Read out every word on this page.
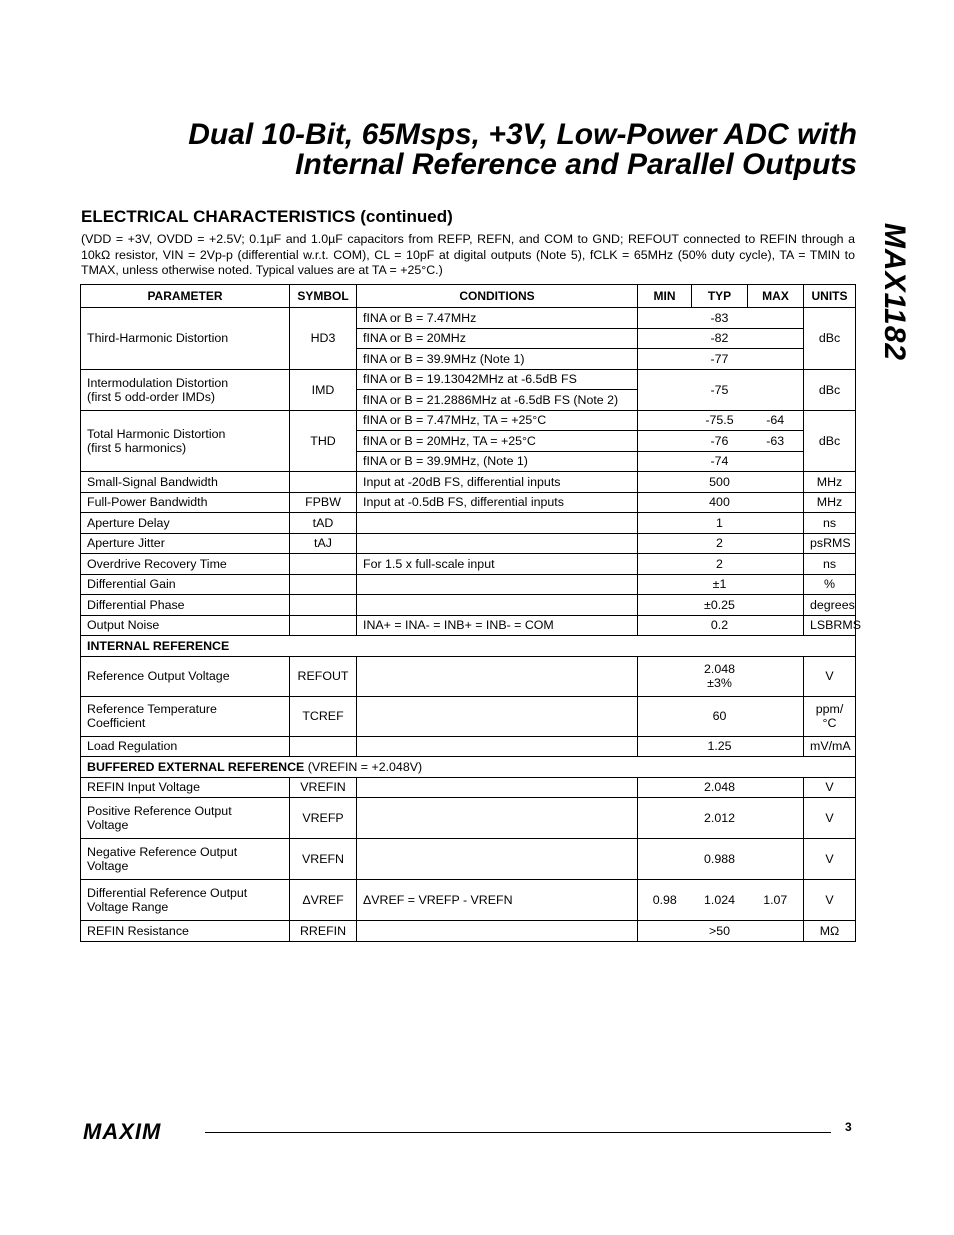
Dual 10-Bit, 65Msps, +3V, Low-Power ADC with
Internal Reference and Parallel Outputs
MAX1182
ELECTRICAL CHARACTERISTICS (continued)
(VDD = +3V, OVDD = +2.5V; 0.1µF and 1.0µF capacitors from REFP, REFN, and COM to GND; REFOUT connected to REFIN through a 10kΩ resistor, VIN = 2Vp-p (differential w.r.t. COM), CL = 10pF at digital outputs (Note 5), fCLK = 65MHz (50% duty cycle), TA = TMIN to TMAX, unless otherwise noted. Typical values are at TA = +25°C.)
PARAMETER	SYMBOL	CONDITIONS	MIN	TYP	MAX	UNITS
Third-Harmonic Distortion	HD3	fINA or B = 7.47MHz		-83		dBc
		fINA or B = 20MHz		-82		
		fINA or B = 39.9MHz (Note 1)		-77		

Intermodulation Distortion
(first 5 odd-order IMDs)	IMD	fINA or B = 19.13042MHz at -6.5dB FS		-75		dBc
		fINA or B = 21.2886MHz at -6.5dB FS (Note 2)				

Total Harmonic Distortion
(first 5 harmonics)	THD	fINA or B = 7.47MHz, TA = +25°C		-75.5	-64	dBc
		fINA or B = 20MHz, TA = +25°C		-76	-63	
		fINA or B = 39.9MHz, (Note 1)		-74		
Small-Signal Bandwidth		Input at -20dB FS, differential inputs		500		MHz
Full-Power Bandwidth	FPBW	Input at -0.5dB FS, differential inputs		400		MHz
Aperture Delay	tAD			1		ns
Aperture Jitter	tAJ			2		psRMS
Overdrive Recovery Time		For 1.5 x full-scale input		2		ns
Differential Gain				±1		%
Differential Phase				±0.25		degrees
Output Noise		INA+ = INA- = INB+ = INB- = COM		0.2		LSBRMS
INTERNAL REFERENCE						
Reference Output Voltage	REFOUT			2.048
±3%		V

Reference Temperature
Coefficient	TCREF			60		ppm/°C
Load Regulation				1.25		mV/mA
BUFFERED EXTERNAL REFERENCE (VREFIN = +2.048V)						
REFIN Input Voltage	VREFIN			2.048		V

Positive Reference Output
Voltage	VREFP			2.012		V

Negative Reference Output
Voltage	VREFN			0.988		V

Differential Reference Output
Voltage Range	ΔVREF	ΔVREF = VREFP - VREFN	0.98	1.024	1.07	V
REFIN Resistance	RREFIN			>50		MΩ
MAXIM	3
